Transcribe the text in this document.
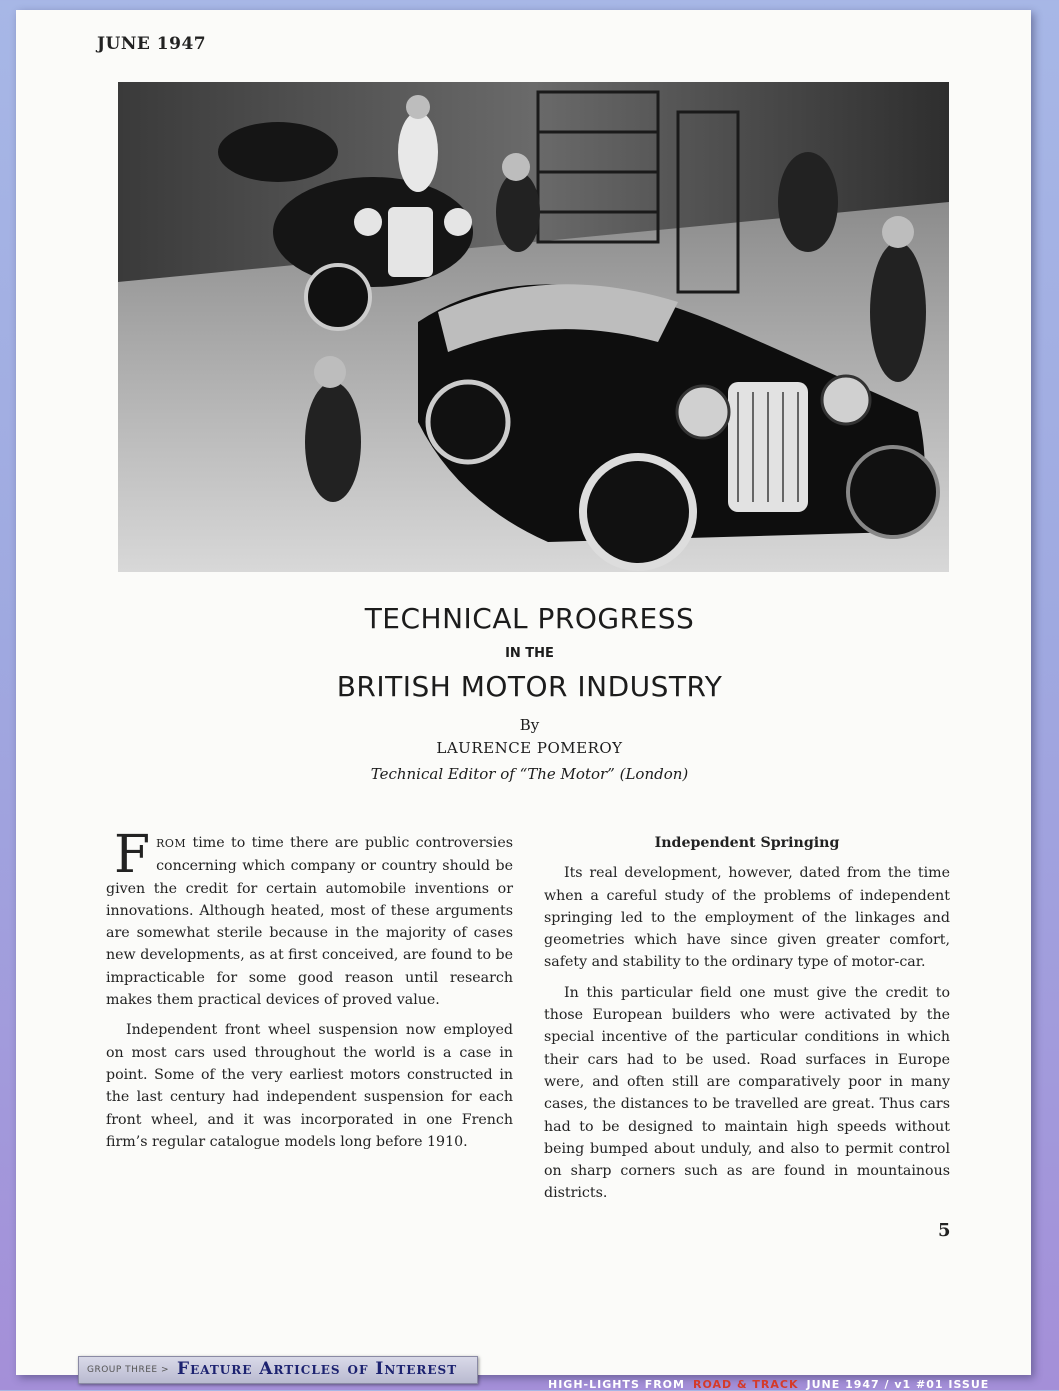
JUNE 1947
TECHNICAL PROGRESS
IN THE
BRITISH MOTOR INDUSTRY
By
LAURENCE POMEROY
Technical Editor of “The Motor” (London)

FROM time to time there are public controversies concerning which company or country should be given the credit for certain automobile inventions or innovations. Although heated, most of these arguments are somewhat sterile because in the majority of cases new developments, as at first conceived, are found to be impracticable for some good reason until research makes them practical devices of proved value.

Independent front wheel suspension now employed on most cars used throughout the world is a case in point. Some of the very earliest motors constructed in the last century had independent suspension for each front wheel, and it was incorporated in one French firm’s regular catalogue models long before 1910.

Independent Springing

Its real development, however, dated from the time when a careful study of the problems of independent springing led to the employment of the linkages and geometries which have since given greater comfort, safety and stability to the ordinary type of motor-car.

In this particular field one must give the credit to those European builders who were activated by the special incentive of the particular conditions in which their cars had to be used. Road surfaces in Europe were, and often still are comparatively poor in many cases, the distances to be travelled are great. Thus cars had to be designed to maintain high speeds without being bumped about unduly, and also to permit control on sharp corners such as are found in mountainous districts.

5
GROUP THREE > Feature Articles of Interest
HIGH-LIGHTS FROM ROAD & TRACK JUNE 1947 / v1 #01 ISSUE
